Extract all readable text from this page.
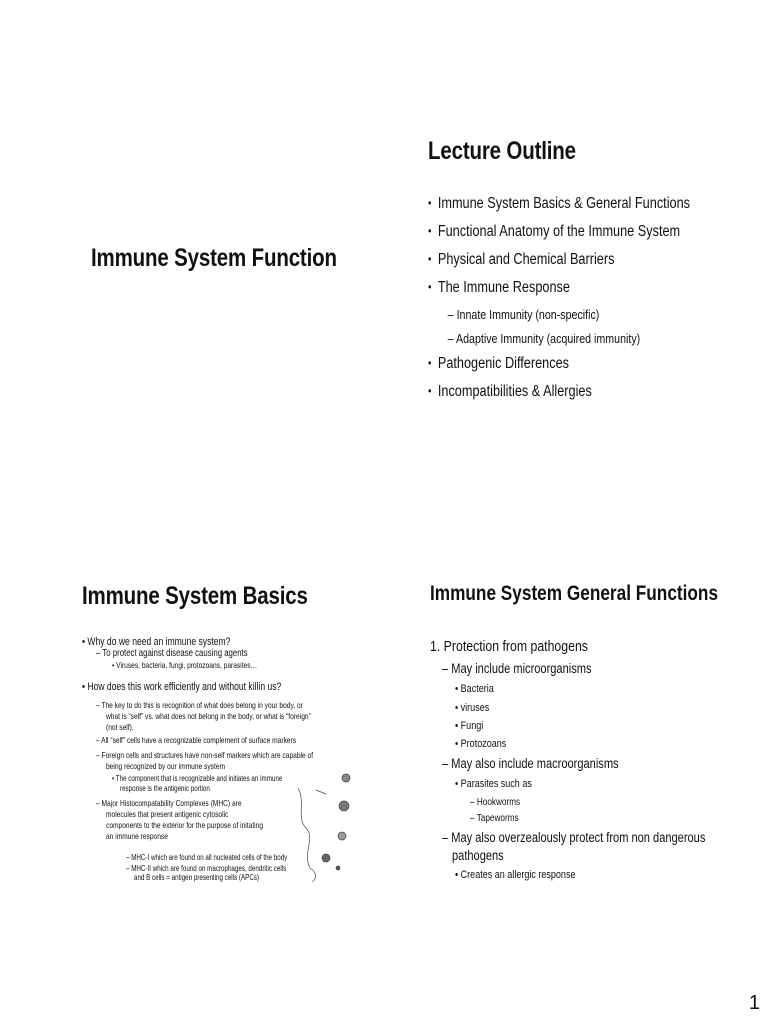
Immune System Function
Lecture Outline
• Immune System Basics & General Functions
• Functional Anatomy of the Immune System
• Physical and Chemical Barriers
• The Immune Response
– Innate Immunity (non-specific)
– Adaptive Immunity (acquired immunity)
• Pathogenic Differences
• Incompatibilities & Allergies
Immune System Basics
• Why do we need an immune system?
– To protect against disease causing agents
• Viruses, bacteria, fungi, protozoans, parasites…
• How does this work efficiently and without killin us?
– The key to do this is recognition of what does belong in your body, or
what is “self” vs. what does not belong in the body, or what is “foreign”
(not self).
– All “self” cells have a recognizable complement of surface markers
– Foreign cells and structures have non-self markers which are capable of
being recognized by our immune system
• The component that is recognizable and initiates an immune
response is the antigenic portion
– Major Histocompatability Complexes (MHC) are
molecules that present antigenic cytosolic
components to the exterior for the purpose of initating
an immune response
– MHC-I which are found on all nucleated cells of the body
– MHC-II which are found on macrophages, dendritic cells
and B cells = antigen presenting cells (APCs)
Immune System General Functions
1. Protection from pathogens
– May include microorganisms
• Bacteria
• viruses
• Fungi
• Protozoans
– May also include macroorganisms
• Parasites such as
– Hookworms
– Tapeworms
– May also overzealously protect from non dangerous
pathogens
• Creates an allergic response
1
